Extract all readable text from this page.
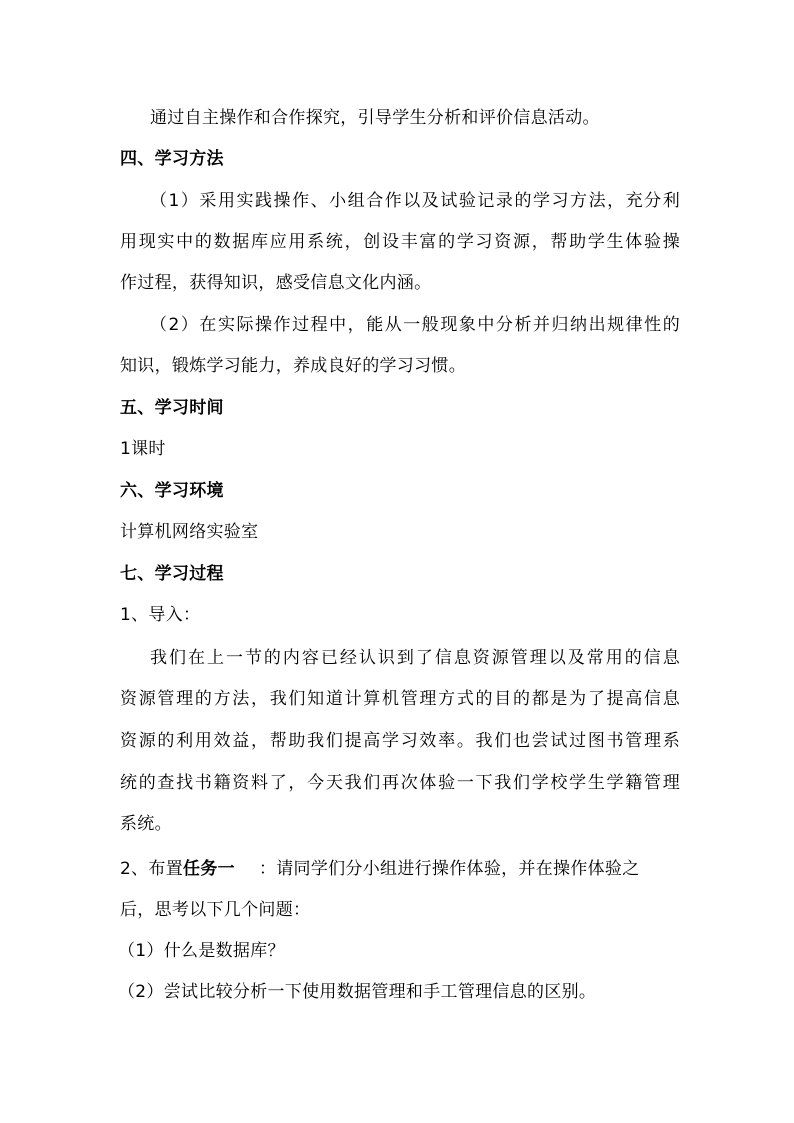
通过自主操作和合作探究，引导学生分析和评价信息活动。
四、学习方法
（1）采用实践操作、小组合作以及试验记录的学习方法，充分利
用现实中的数据库应用系统，创设丰富的学习资源，帮助学生体验操
作过程，获得知识，感受信息文化内涵。
（2）在实际操作过程中，能从一般现象中分析并归纳出规律性的
知识，锻炼学习能力，养成良好的学习习惯。
五、学习时间
1课时
六、学习环境
计算机网络实验室
七、学习过程
1、导入：
我们在上一节的内容已经认识到了信息资源管理以及常用的信息
资源管理的方法，我们知道计算机管理方式的目的都是为了提高信息
资源的利用效益，帮助我们提高学习效率。我们也尝试过图书管理系
统的查找书籍资料了，今天我们再次体验一下我们学校学生学籍管理
系统。
2、布置任务一 ：请同学们分小组进行操作体验，并在操作体验之
后，思考以下几个问题：
（1）什么是数据库？
（2）尝试比较分析一下使用数据管理和手工管理信息的区别。
